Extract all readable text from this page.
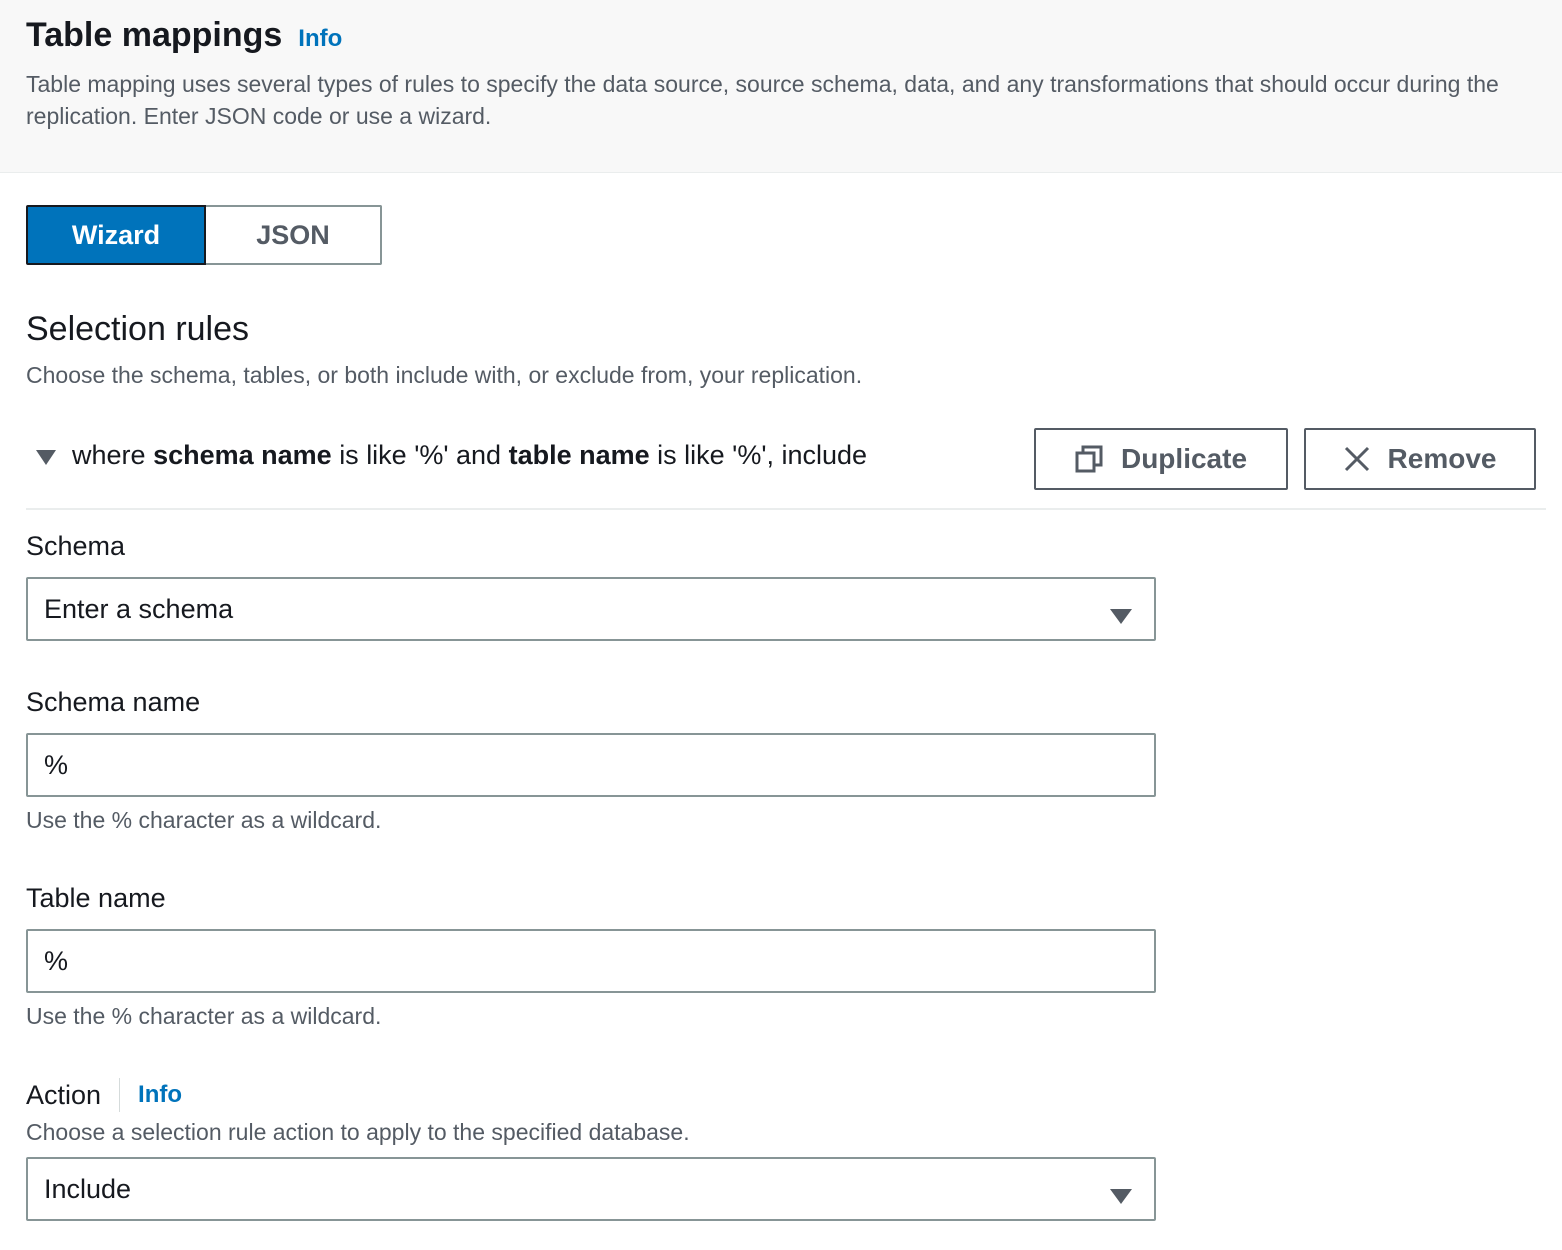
Table mappings Info
Table mapping uses several types of rules to specify the data source, source schema, data, and any transformations that should occur during the replication. Enter JSON code or use a wizard.
Wizard	JSON
Selection rules
Choose the schema, tables, or both include with, or exclude from, your replication.
where schema name is like '%' and table name is like '%', include	Duplicate	Remove
Schema
Enter a schema
Schema name
%
Use the % character as a wildcard.
Table name
%
Use the % character as a wildcard.
Action Info
Choose a selection rule action to apply to the specified database.
Include
